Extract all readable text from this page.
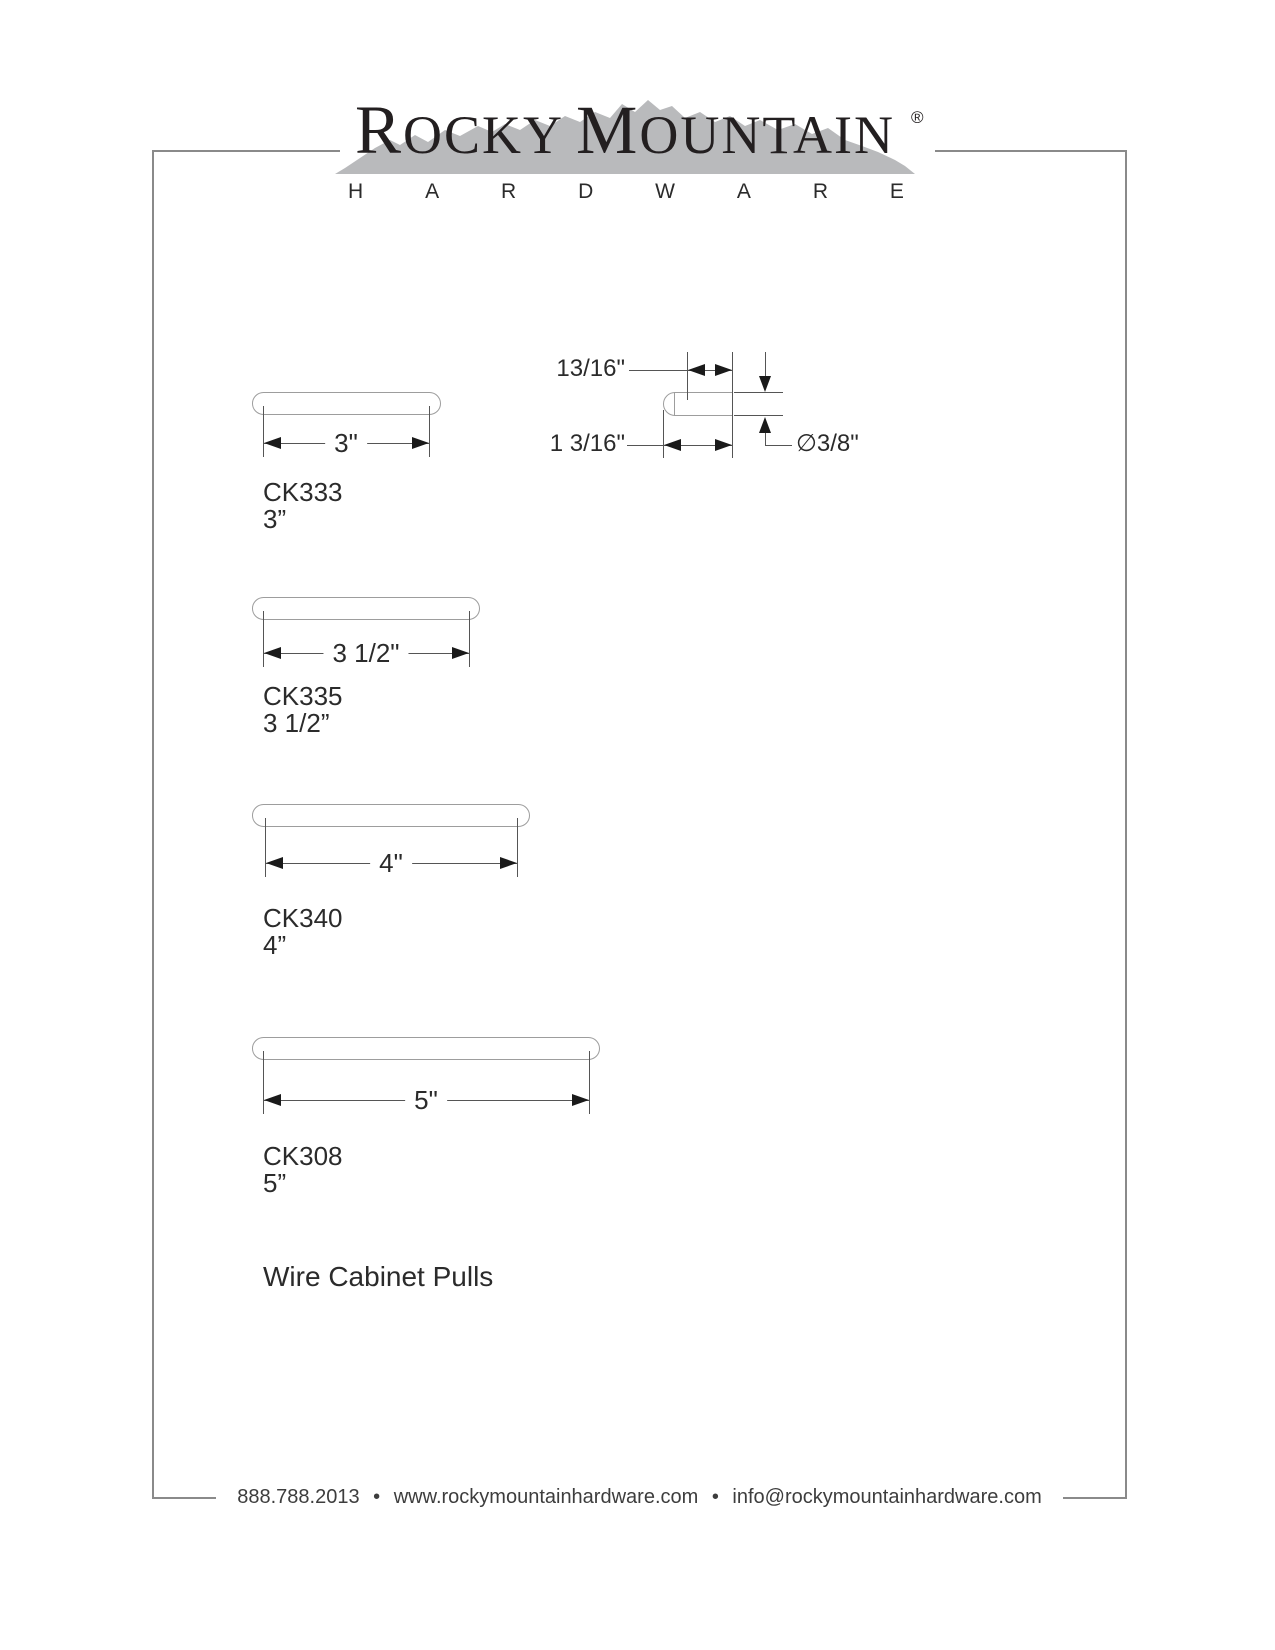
ROCKY MOUNTAIN ®
H	A	R	D	W	A	R	E
13/16"
1 3/16"	∅3/8"
3"
CK333
3”
3 1/2"
CK335
3 1/2”
4"
CK340
4”
5"
CK308
5”
Wire Cabinet Pulls
888.788.2013 • www.rockymountainhardware.com • info@rockymountainhardware.com
